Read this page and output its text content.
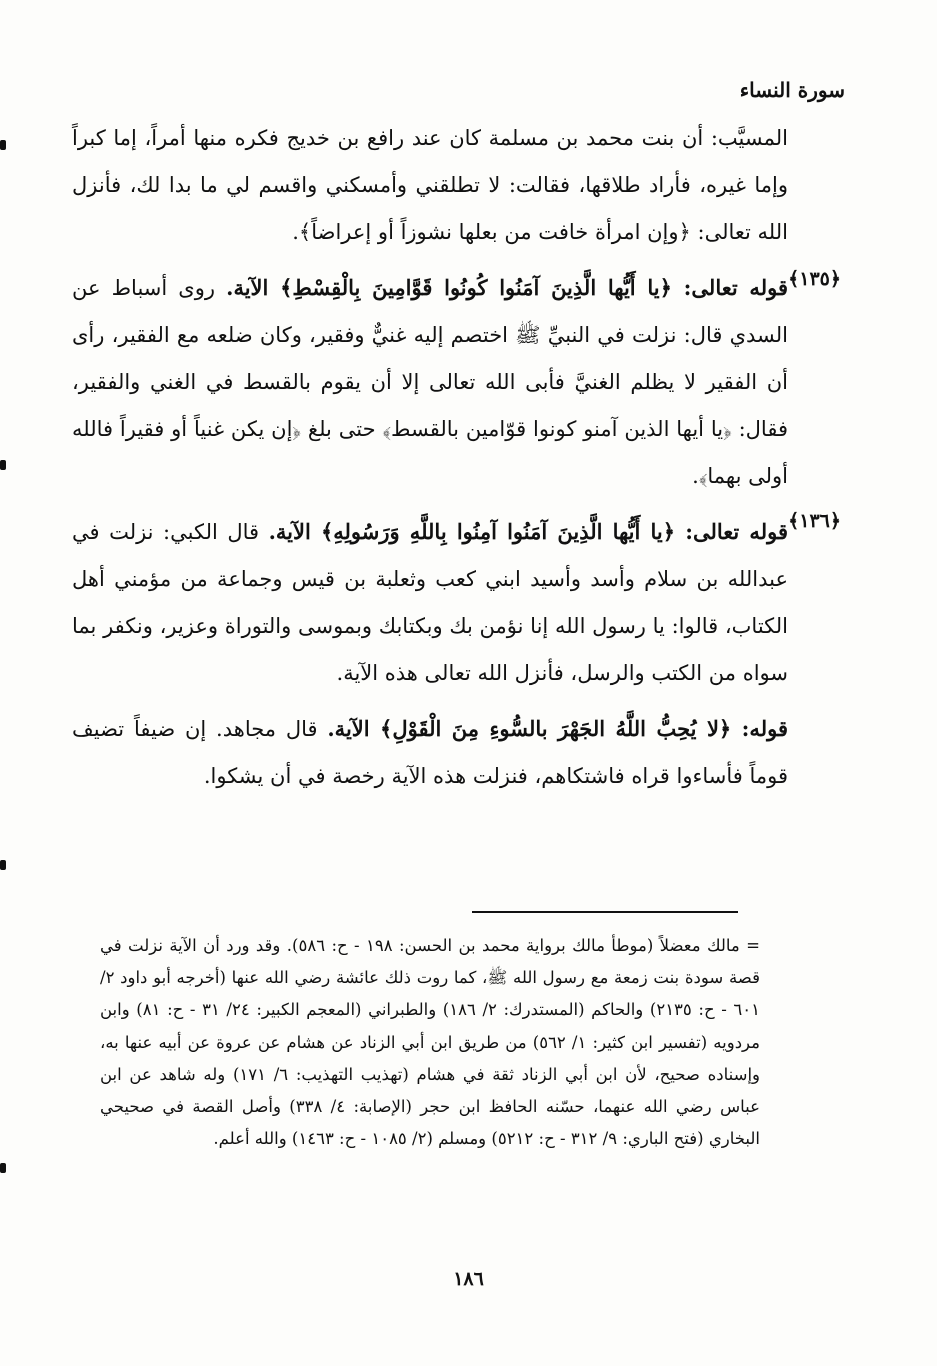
سورة النساء
﴿١٣٥﴾
﴿١٣٦﴾

المسيَّب: أن بنت محمد بن مسلمة كان عند رافع بن خديج فكره منها أمراً، إما كبراً وإما غيره، فأراد طلاقها، فقالت: لا تطلقني وأمسكني واقسم لي ما بدا لك، فأنزل الله تعالى: ﴿وإن امرأة خافت من بعلها نشوزاً أو إعراضاً﴾.

قوله تعالى: ﴿يا أَيُّها الَّذِينَ آمَنُوا كُونُوا قَوَّامِينَ بِالْقِسْطِ﴾ الآية. روى أسباط عن السدي قال: نزلت في النبيِّ ﷺ اختصم إليه غنيٌّ وفقير، وكان ضلعه مع الفقير، رأى أن الفقير لا يظلم الغنيَّ فأبى الله تعالى إلا أن يقوم بالقسط في الغني والفقير، فقال: ﴿يا أيها الذين آمنو كونوا قوّامين بالقسط﴾ حتى بلغ ﴿إن يكن غنياً أو فقيراً فالله أولى بهما﴾.

قوله تعالى: ﴿يا أَيُّها الَّذِينَ آمَنُوا آمِنُوا بِاللَّهِ وَرَسُولِهِ﴾ الآية. قال الكبي: نزلت في عبدالله بن سلام وأسد وأسيد ابني كعب وثعلبة بن قيس وجماعة من مؤمني أهل الكتاب، قالوا: يا رسول الله إنا نؤمن بك وبكتابك وبموسى والتوراة وعزير، ونكفر بما سواه من الكتب والرسل، فأنزل الله تعالى هذه الآية.

قوله: ﴿لا يُحِبُّ اللَّهُ الجَهْرَ بالسُّوءِ مِنَ الْقَوْلِ﴾ الآية. قال مجاهد. إن ضيفاً تضيف قوماً فأساءوا قراه فاشتكاهم، فنزلت هذه الآية رخصة في أن يشكوا.

= مالك معضلاً (موطأ مالك برواية محمد بن الحسن: ١٩٨ - ح: ٥٨٦). وقد ورد أن الآية نزلت في قصة سودة بنت زمعة مع رسول الله ﷺ، كما روت ذلك عائشة رضي الله عنها (أخرجه أبو داود ٢/ ٦٠١ - ح: ٢١٣٥) والحاكم (المستدرك: ٢/ ١٨٦) والطبراني (المعجم الكبير: ٢٤/ ٣١ - ح: ٨١) وابن مردويه (تفسير ابن كثير: ١/ ٥٦٢) من طريق ابن أبي الزناد عن هشام عن عروة عن أبيه عنها به، وإسناده صحيح، لأن ابن أبي الزناد ثقة في هشام (تهذيب التهذيب: ٦/ ١٧١) وله شاهد عن ابن عباس رضي الله عنهما، حسّنه الحافظ ابن حجر (الإصابة: ٤/ ٣٣٨) وأصل القصة في صحيحي البخاري (فتح الباري: ٩/ ٣١٢ - ح: ٥٢١٢) ومسلم (٢/ ١٠٨٥ - ح: ١٤٦٣) والله أعلم.
١٨٦
